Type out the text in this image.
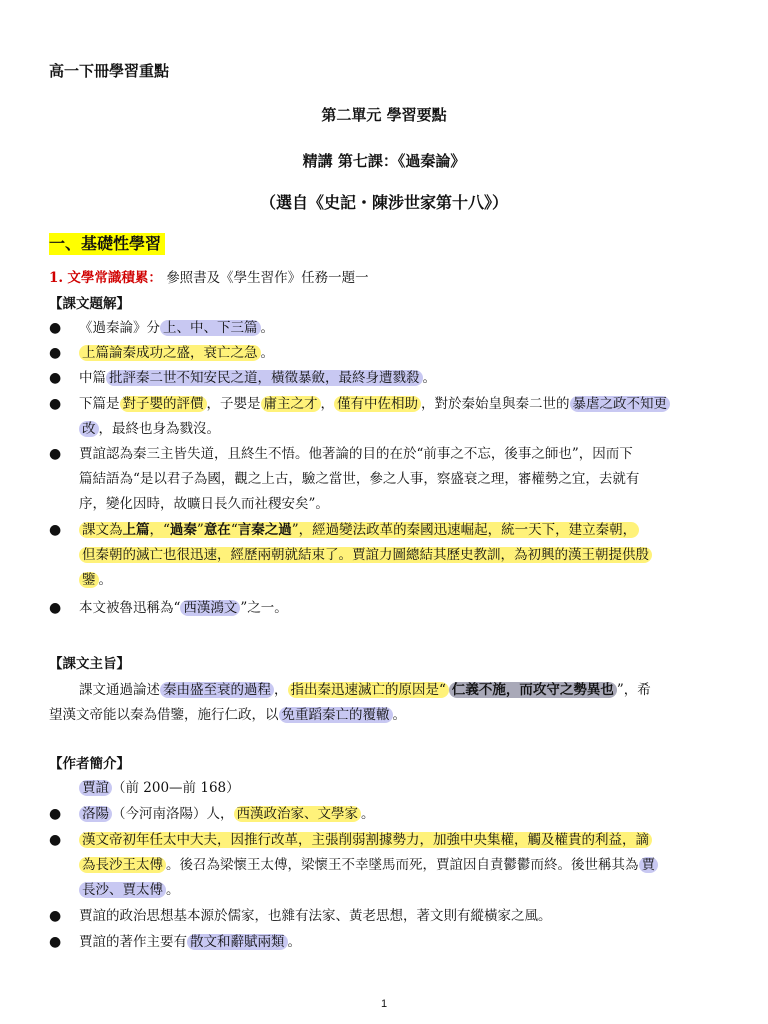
高一下冊學習重點
第二單元 學習要點
精講 第七課：《過秦論》
（選自《史記・陳涉世家第十八》）
一、基礎性學習
1. 文學常識積累： 參照書及《學生習作》任務一題一
【課文題解】
● 《過秦論》分 上、中、下三篇 。
● 上篇論秦成功之盛，衰亡之急 。
● 中篇 批評秦二世不知安民之道，橫徵暴斂，最終身遭戮殺 。
● 下篇是 對子嬰的評價 ，子嬰是 庸主之才 ， 僅有中佐相助 ，對於秦始皇與秦二世的 暴虐之政不知更
改 ，最終也身為戮沒。
● 賈誼認為秦三主皆失道，且終生不悟。他著論的目的在於“前事之不忘，後事之師也”，因而下
篇結語為“是以君子為國，觀之上古，驗之當世，參之人事，察盛衰之理，審權勢之宜，去就有
序，變化因時，故曠日長久而社稷安矣”。
● 課文為上篇，“過秦”意在“言秦之過”，經過變法政革的秦國迅速崛起，統一天下，建立秦朝，
但秦朝的滅亡也很迅速，經歷兩朝就結束了。賈誼力圖總結其歷史教訓，為初興的漢王朝提供殷
鑒 。
● 本文被魯迅稱為“ 西漢鴻文 ”之一。
【課文主旨】
課文通過論述 秦由盛至衰的過程 ， 指出秦迅速滅亡的原因是“ 仁義不施，而攻守之勢異也 ”，希
望漢文帝能以秦為借鑒，施行仁政，以 免重蹈秦亡的覆轍 。
【作者簡介】
賈誼 （前 200—前 168）
● 洛陽 （今河南洛陽）人， 西漢政治家、文學家 。
● 漢文帝初年任太中大夫，因推行改革，主張削弱割據勢力，加強中央集權，觸及權貴的利益，謫
為長沙王太傅 。後召為梁懷王太傅，梁懷王不幸墜馬而死，賈誼因自責鬱鬱而終。後世稱其為 賈
長沙、賈太傅 。
● 賈誼的政治思想基本源於儒家，也雜有法家、黃老思想，著文則有縱橫家之風。
● 賈誼的著作主要有 散文和辭賦兩類 。
1
